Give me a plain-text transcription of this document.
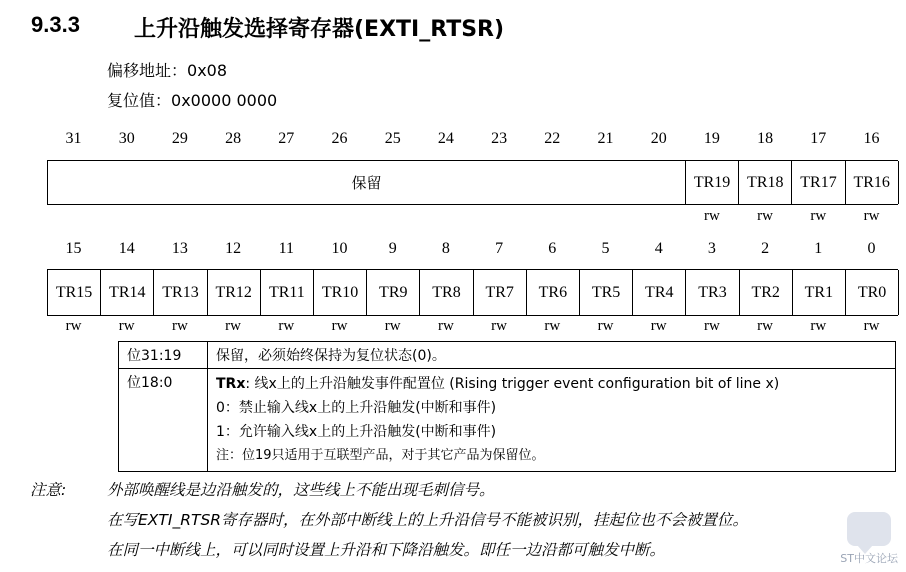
9.3.3 上升沿触发选择寄存器(EXTI_RTSR)
偏移地址：0x08
复位值：0x0000 0000
31	30	29	28	27	26	25	24	23	22	21	20	19	18	17	16
保留	TR19	TR18	TR17	TR16
rw	rw	rw	rw
15	14	13	12	11	10	9	8	7	6	5	4	3	2	1	0
TR15	TR14	TR13	TR12	TR11	TR10	TR9	TR8	TR7	TR6	TR5	TR4	TR3	TR2	TR1	TR0
rw	rw	rw	rw	rw	rw	rw	rw	rw	rw	rw	rw	rw	rw	rw	rw
位31:19	保留，必须始终保持为复位状态(0)。
位18:0	TRx: 线x上的上升沿触发事件配置位 (Rising trigger event configuration bit of line x)
0：禁止输入线x上的上升沿触发(中断和事件)
1：允许输入线x上的上升沿触发(中断和事件)
注：位19只适用于互联型产品，对于其它产品为保留位。
注意:	外部唤醒线是边沿触发的，这些线上不能出现毛刺信号。
在写EXTI_RTSR寄存器时，在外部中断线上的上升沿信号不能被识别，挂起位也不会被置位。
在同一中断线上，可以同时设置上升沿和下降沿触发。即任一边沿都可触发中断。	ST中文论坛
